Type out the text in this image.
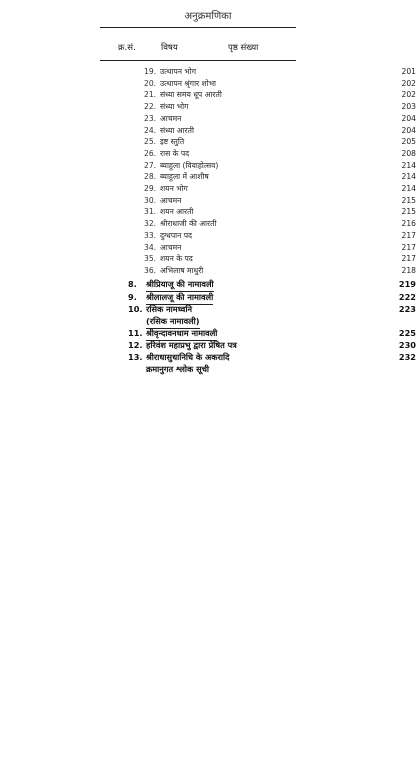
अनुक्रमणिका
क्र.सं.	विषय	पृष्ठ संख्या
19. उत्थापन भोग	201
20. उत्थापन श्रृंगार शोभा	202
21. संध्या समय धूप आरती	202
22. संध्या भोग	203
23. आचमन	204
24. संध्या आरती	204
25. इष्ट स्तुति	205
26. रास के पद	208
27. ब्याहुला (विवाहोत्सव)	214
28. ब्याहुला में आशीष	214
29. शयन भोग	214
30. आचमन	215
31. शयन आरती	215
32. श्रीराधाजी की आरती	216
33. दुग्धपान पद	217
34. आचमन	217
35. शयन के पद	217
36. अभिलाष माधुरी	218
8. श्रीप्रियाजू की नामावली	219
9. श्रीलालजू की नामावली	222
10. रसिक नामध्वनि	223
(रसिक नामावली)
11. श्रीवृन्दावनधाम नामावली	225
12. हरिवंश महाप्रभु द्वारा प्रेषित पत्र	230
13. श्रीराधासुधानिधि के अकरादि	232
क्रमानुगत श्लोक सूची
